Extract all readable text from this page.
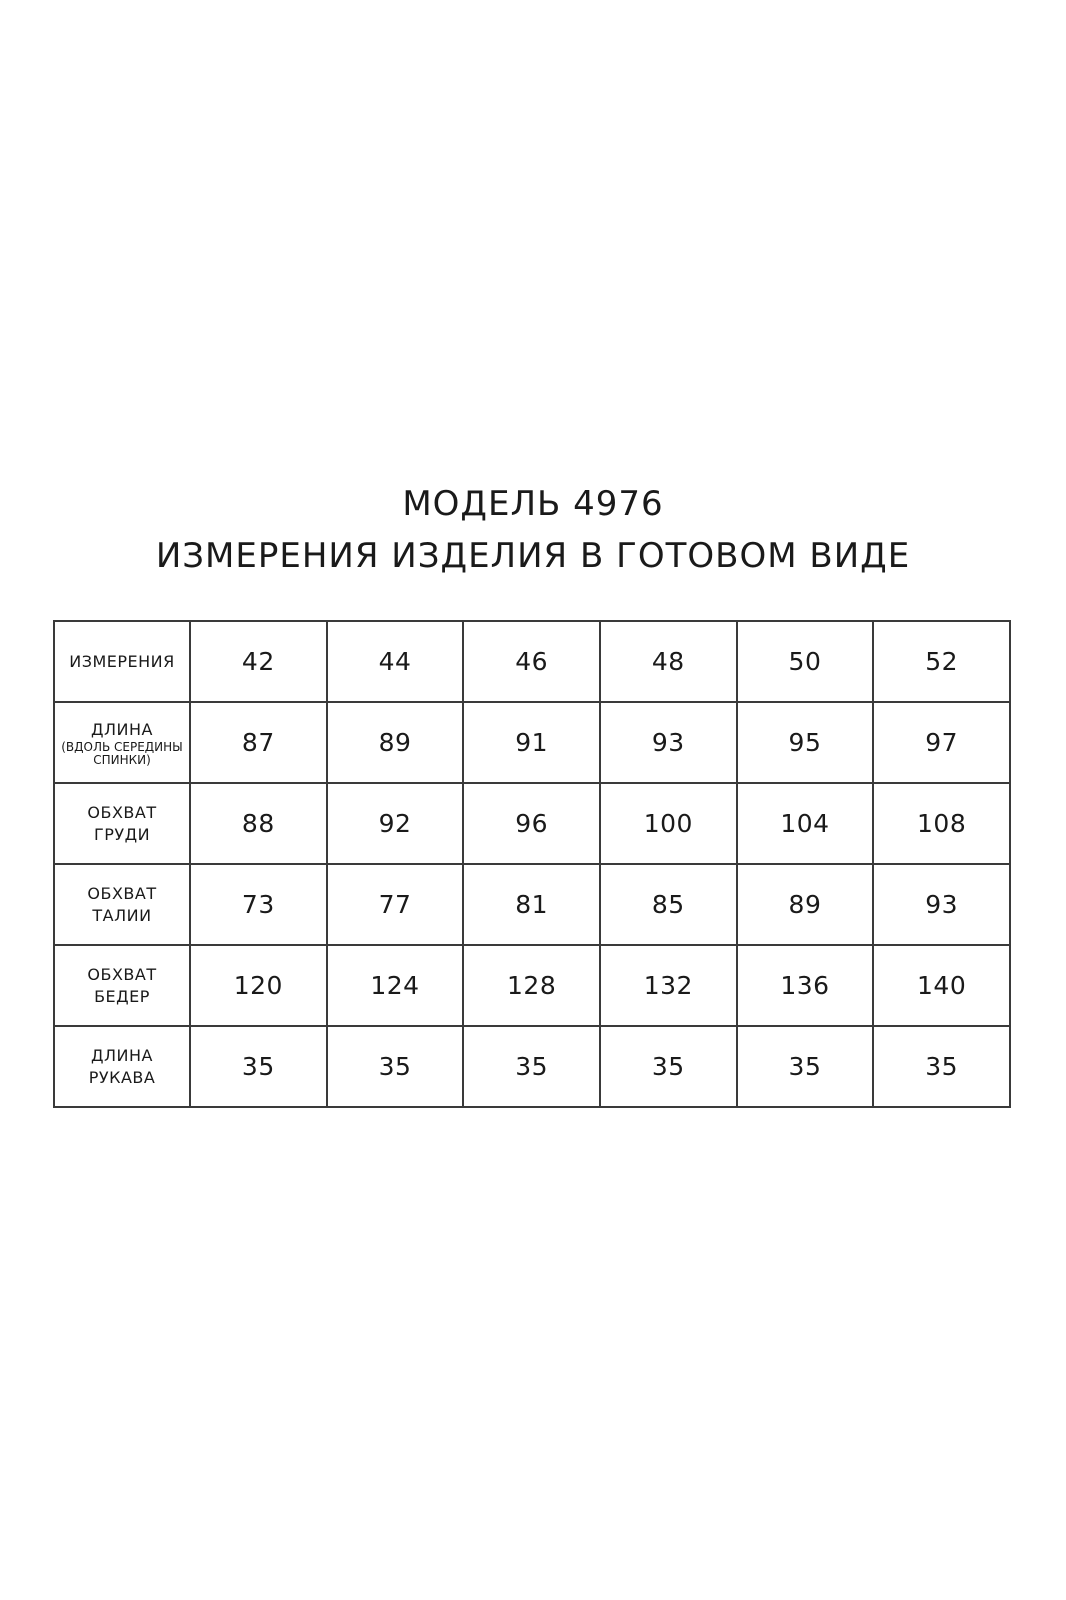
МОДЕЛЬ 4976
ИЗМЕРЕНИЯ ИЗДЕЛИЯ В ГОТОВОМ ВИДЕ
ИЗМЕРЕНИЯ	42	44	46	48	50	52

ДЛИНА
(ВДОЛЬ СЕРЕДИНЫ
СПИНКИ)	87	89	91	93	95	97

ОБХВАТ
ГРУДИ	88	92	96	100	104	108

ОБХВАТ
ТАЛИИ	73	77	81	85	89	93

ОБХВАТ
БЕДЕР	120	124	128	132	136	140

ДЛИНА
РУКАВА	35	35	35	35	35	35
